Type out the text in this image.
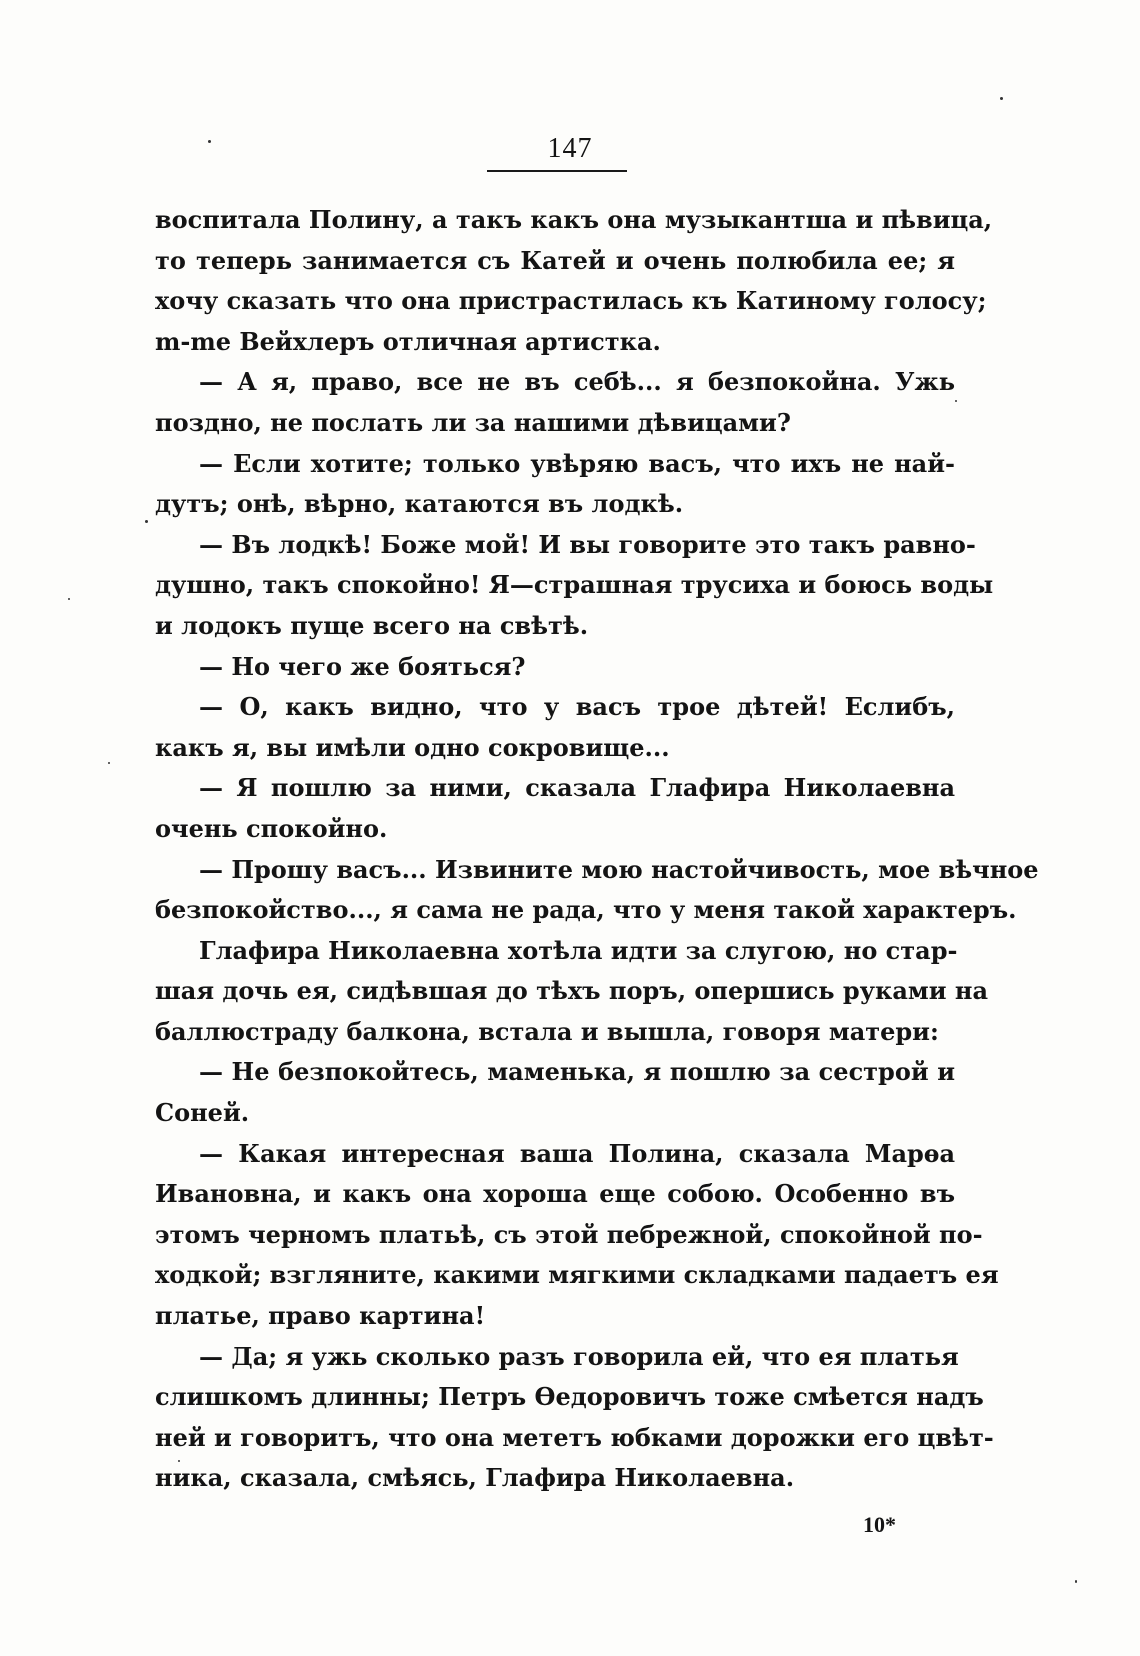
147
воспитала Полину, а такъ какъ она музыкантша и пѣвица,
то теперь занимается съ Катей и очень полюбила ее; я
хочу сказать что она пристрастилась къ Катиному голосу;
m-me Вейхлеръ отличная артистка.
— А я, право, все не въ себѣ... я безпокойна. Ужь
поздно, не послать ли за нашими дѣвицами?
— Если хотите; только увѣряю васъ, что ихъ не най-
дутъ; онѣ, вѣрно, катаются въ лодкѣ.
— Въ лодкѣ! Боже мой! И вы говорите это такъ равно-
душно, такъ спокойно! Я—страшная трусиха и боюсь воды
и лодокъ пуще всего на свѣтѣ.
— Но чего же бояться?
— О, какъ видно, что у васъ трое дѣтей! Еслибъ,
какъ я, вы имѣли одно сокровище...
— Я пошлю за ними, сказала Глафира Николаевна
очень спокойно.
— Прошу васъ... Извините мою настойчивость, мое вѣчное
безпокойство..., я сама не рада, что у меня такой характеръ.
Глафира Николаевна хотѣла идти за слугою, но стар-
шая дочь ея, сидѣвшая до тѣхъ поръ, опершись руками на
баллюстраду балкона, встала и вышла, говоря матери:
— Не безпокойтесь, маменька, я пошлю за сестрой и
Соней.
— Какая интересная ваша Полина, сказала Марѳа
Ивановна, и какъ она хороша еще собою. Особенно въ
этомъ черномъ платьѣ, съ этой пебрежной, спокойной по-
ходкой; взгляните, какими мягкими складками падаетъ ея
платье, право картина!
— Да; я ужь сколько разъ говорила ей, что ея платья
слишкомъ длинны; Петръ Ѳедоровичъ тоже смѣется надъ
ней и говоритъ, что она мететъ юбками дорожки его цвѣт-
ника, сказала, смѣясь, Глафира Николаевна.
10*
